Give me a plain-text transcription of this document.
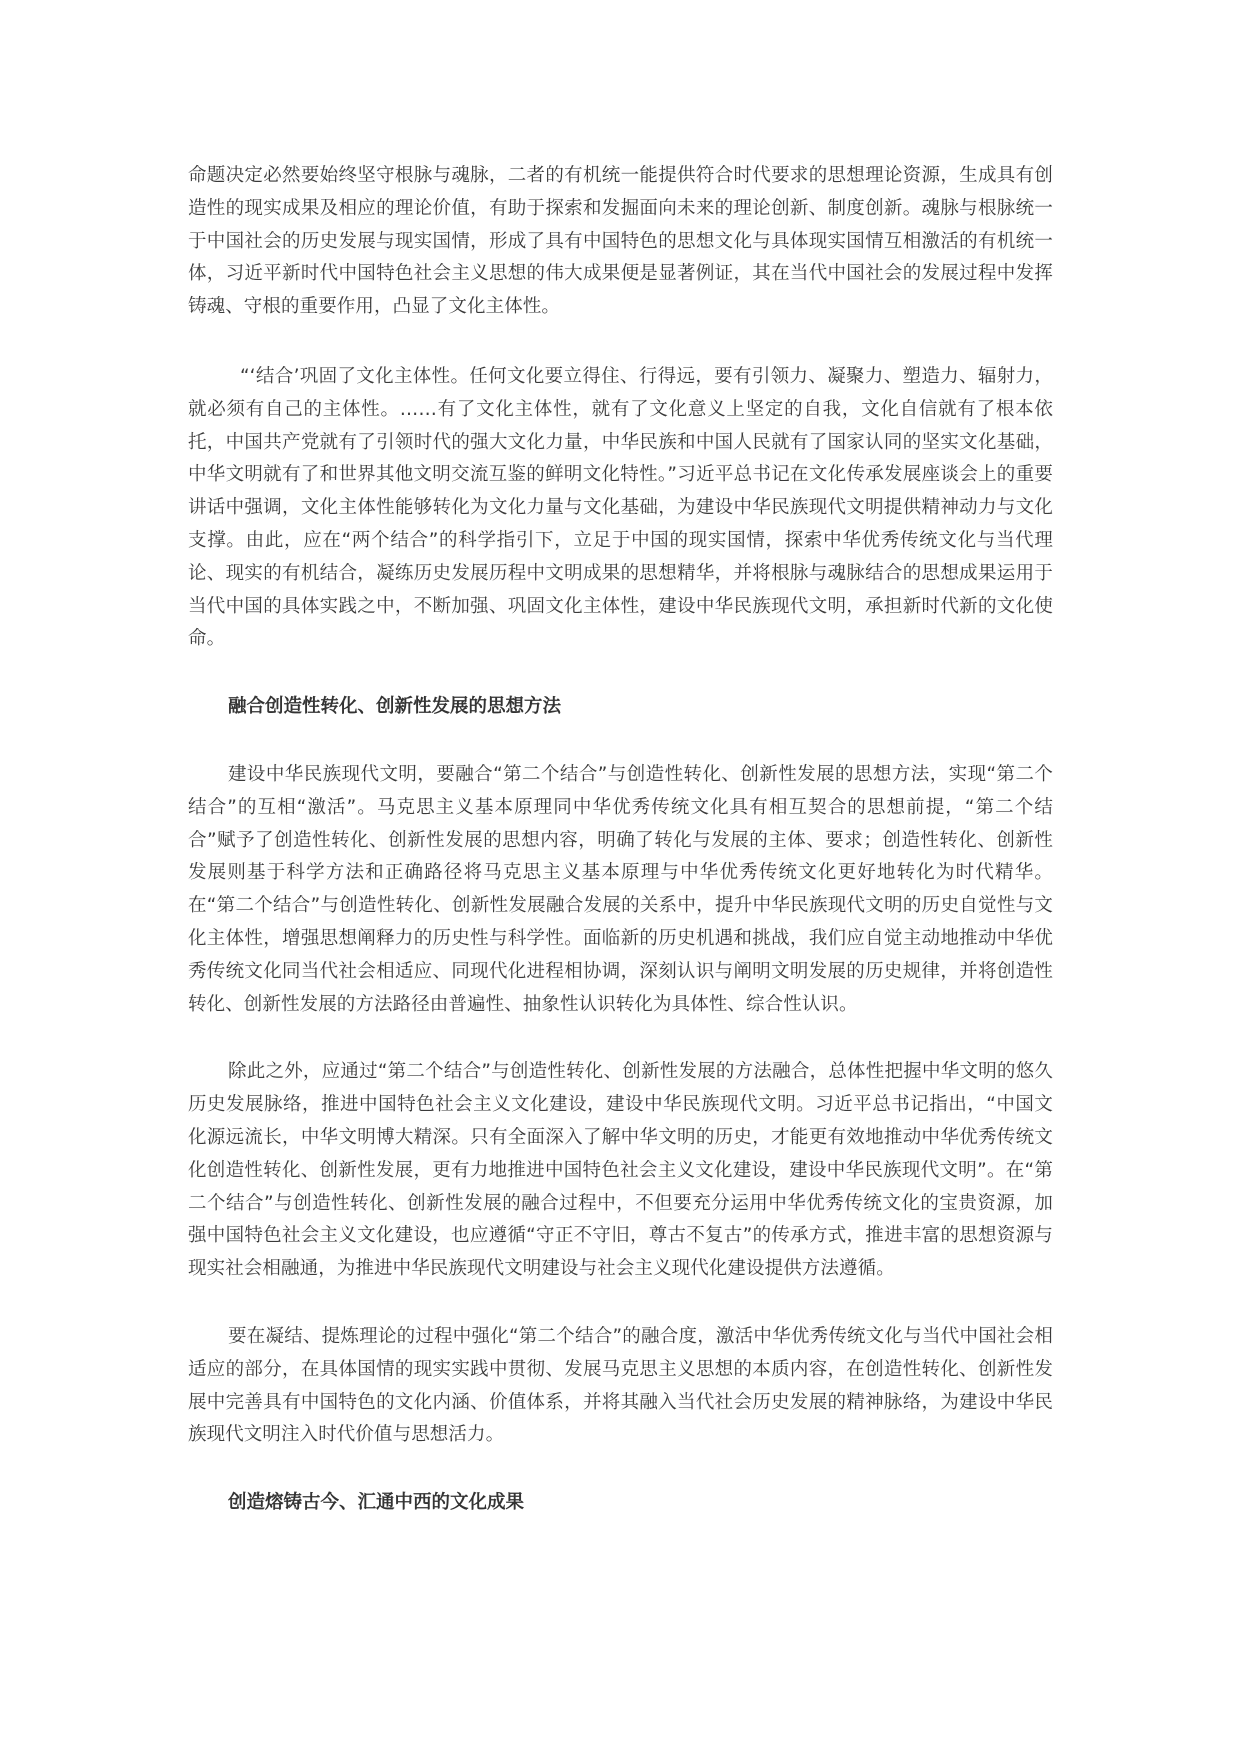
命题决定必然要始终坚守根脉与魂脉，二者的有机统一能提供符合时代要求的思想理论资源，生成具有创造性的现实成果及相应的理论价值，有助于探索和发掘面向未来的理论创新、制度创新。魂脉与根脉统一于中国社会的历史发展与现实国情，形成了具有中国特色的思想文化与具体现实国情互相激活的有机统一体，习近平新时代中国特色社会主义思想的伟大成果便是显著例证，其在当代中国社会的发展过程中发挥铸魂、守根的重要作用，凸显了文化主体性。

“‘结合’巩固了文化主体性。任何文化要立得住、行得远，要有引领力、凝聚力、塑造力、辐射力，就必须有自己的主体性。……有了文化主体性，就有了文化意义上坚定的自我，文化自信就有了根本依托，中国共产党就有了引领时代的强大文化力量，中华民族和中国人民就有了国家认同的坚实文化基础，中华文明就有了和世界其他文明交流互鉴的鲜明文化特性。”习近平总书记在文化传承发展座谈会上的重要讲话中强调，文化主体性能够转化为文化力量与文化基础，为建设中华民族现代文明提供精神动力与文化支撑。由此，应在“两个结合”的科学指引下，立足于中国的现实国情，探索中华优秀传统文化与当代理论、现实的有机结合，凝练历史发展历程中文明成果的思想精华，并将根脉与魂脉结合的思想成果运用于当代中国的具体实践之中，不断加强、巩固文化主体性，建设中华民族现代文明，承担新时代新的文化使命。

融合创造性转化、创新性发展的思想方法

建设中华民族现代文明，要融合“第二个结合”与创造性转化、创新性发展的思想方法，实现“第二个结合”的互相“激活”。马克思主义基本原理同中华优秀传统文化具有相互契合的思想前提，“第二个结合”赋予了创造性转化、创新性发展的思想内容，明确了转化与发展的主体、要求；创造性转化、创新性发展则基于科学方法和正确路径将马克思主义基本原理与中华优秀传统文化更好地转化为时代精华。在“第二个结合”与创造性转化、创新性发展融合发展的关系中，提升中华民族现代文明的历史自觉性与文化主体性，增强思想阐释力的历史性与科学性。面临新的历史机遇和挑战，我们应自觉主动地推动中华优秀传统文化同当代社会相适应、同现代化进程相协调，深刻认识与阐明文明发展的历史规律，并将创造性转化、创新性发展的方法路径由普遍性、抽象性认识转化为具体性、综合性认识。

除此之外，应通过“第二个结合”与创造性转化、创新性发展的方法融合，总体性把握中华文明的悠久历史发展脉络，推进中国特色社会主义文化建设，建设中华民族现代文明。习近平总书记指出，“中国文化源远流长，中华文明博大精深。只有全面深入了解中华文明的历史，才能更有效地推动中华优秀传统文化创造性转化、创新性发展，更有力地推进中国特色社会主义文化建设，建设中华民族现代文明”。在“第二个结合”与创造性转化、创新性发展的融合过程中，不但要充分运用中华优秀传统文化的宝贵资源，加强中国特色社会主义文化建设，也应遵循“守正不守旧，尊古不复古”的传承方式，推进丰富的思想资源与现实社会相融通，为推进中华民族现代文明建设与社会主义现代化建设提供方法遵循。

要在凝结、提炼理论的过程中强化“第二个结合”的融合度，激活中华优秀传统文化与当代中国社会相适应的部分，在具体国情的现实实践中贯彻、发展马克思主义思想的本质内容，在创造性转化、创新性发展中完善具有中国特色的文化内涵、价值体系，并将其融入当代社会历史发展的精神脉络，为建设中华民族现代文明注入时代价值与思想活力。

创造熔铸古今、汇通中西的文化成果
